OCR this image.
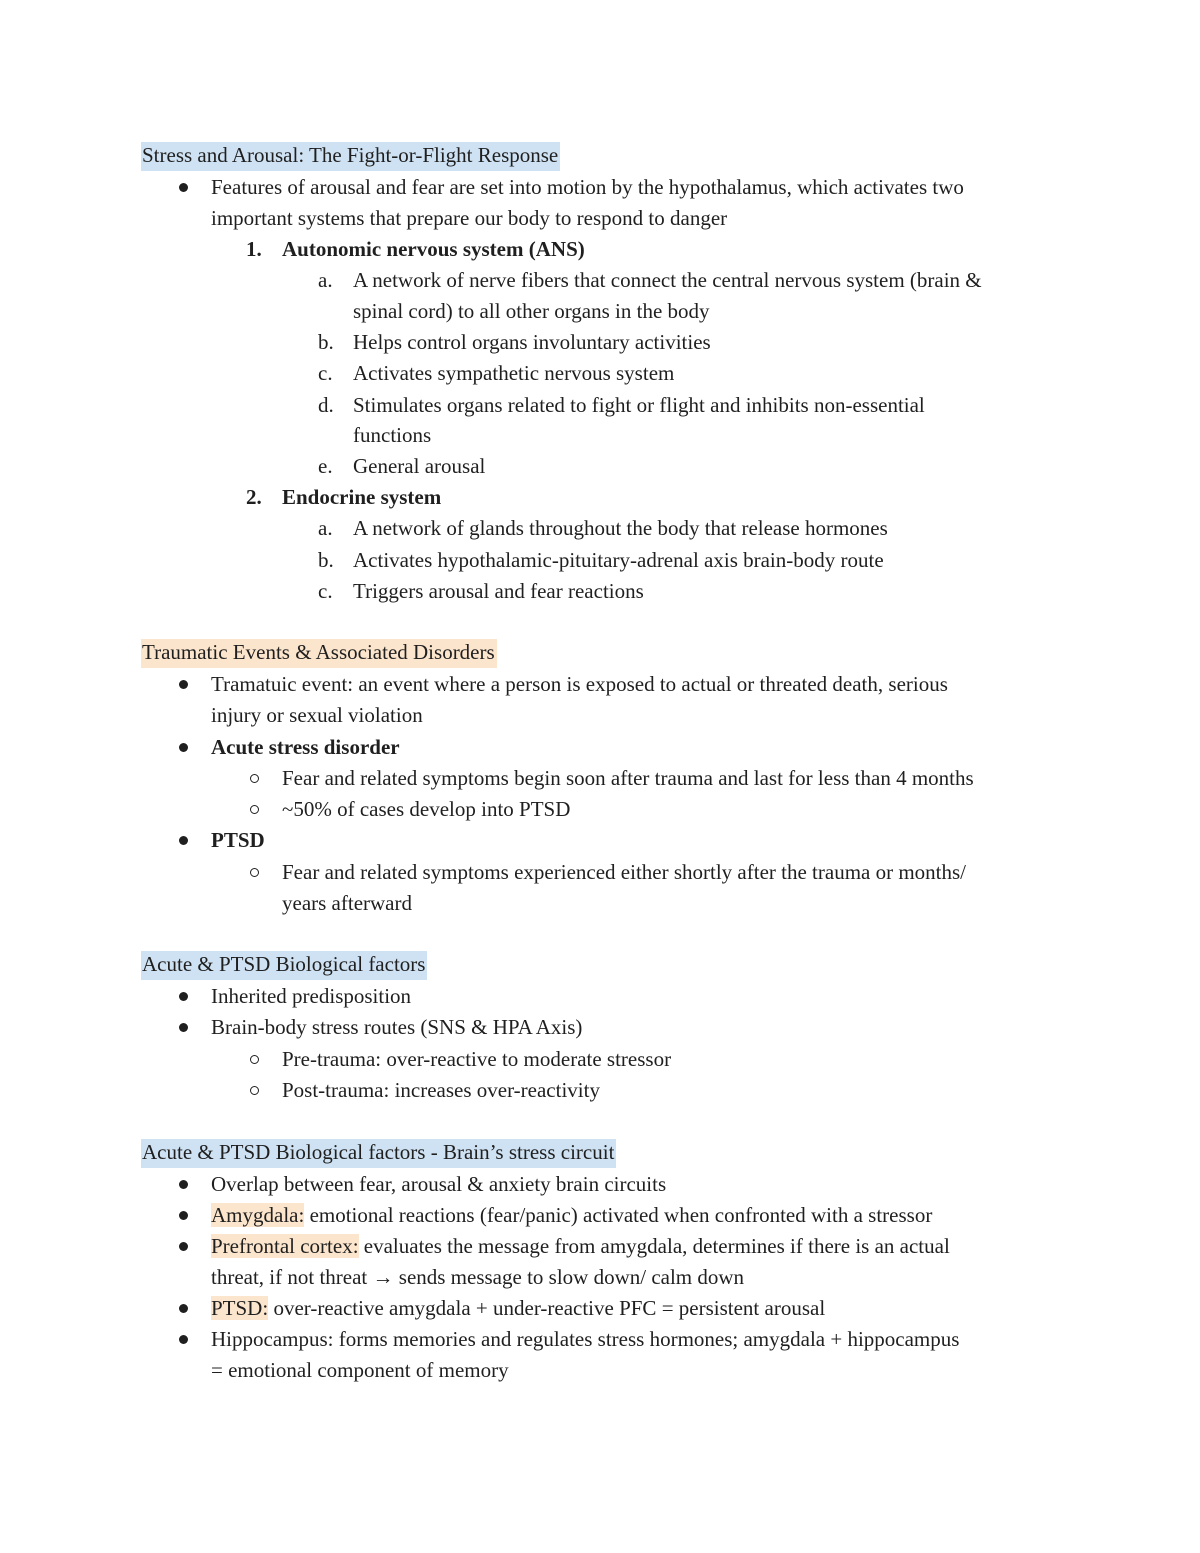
Stress and Arousal: The Fight-or-Flight Response
Features of arousal and fear are set into motion by the hypothalamus, which activates two
important systems that prepare our body to respond to danger
1. Autonomic nervous system (ANS)
a. A network of nerve fibers that connect the central nervous system (brain &
spinal cord) to all other organs in the body
b. Helps control organs involuntary activities
c. Activates sympathetic nervous system
d. Stimulates organs related to fight or flight and inhibits non-essential
functions
e. General arousal
2. Endocrine system
a. A network of glands throughout the body that release hormones
b. Activates hypothalamic-pituitary-adrenal axis brain-body route
c. Triggers arousal and fear reactions
Traumatic Events & Associated Disorders
Tramatuic event: an event where a person is exposed to actual or threated death, serious
injury or sexual violation
Acute stress disorder
Fear and related symptoms begin soon after trauma and last for less than 4 months
~50% of cases develop into PTSD
PTSD
Fear and related symptoms experienced either shortly after the trauma or months/
years afterward
Acute & PTSD Biological factors
Inherited predisposition
Brain-body stress routes (SNS & HPA Axis)
Pre-trauma: over-reactive to moderate stressor
Post-trauma: increases over-reactivity
Acute & PTSD Biological factors - Brain’s stress circuit
Overlap between fear, arousal & anxiety brain circuits
Amygdala: emotional reactions (fear/panic) activated when confronted with a stressor
Prefrontal cortex: evaluates the message from amygdala, determines if there is an actual
threat, if not threat → sends message to slow down/ calm down
PTSD: over-reactive amygdala + under-reactive PFC = persistent arousal
Hippocampus: forms memories and regulates stress hormones; amygdala + hippocampus
= emotional component of memory
